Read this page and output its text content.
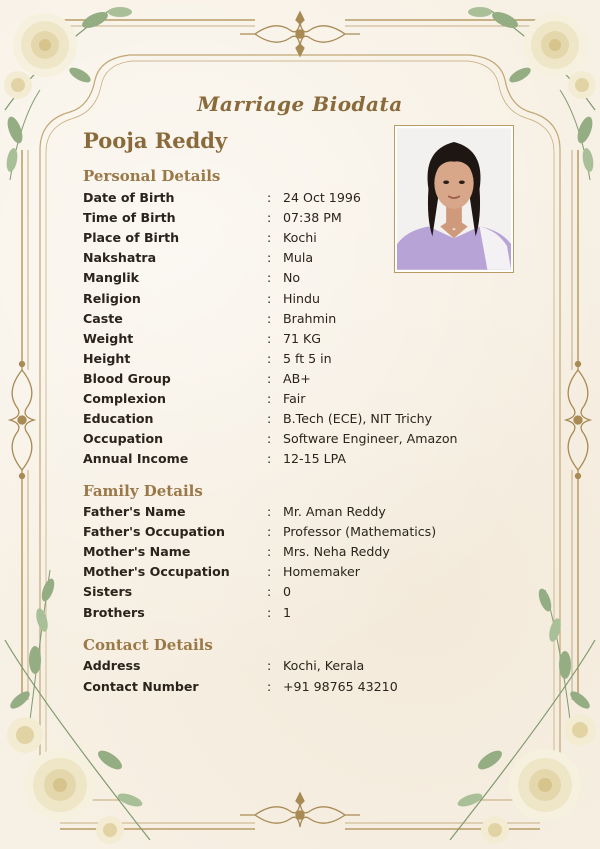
Marriage Biodata
Pooja Reddy
Personal Details
Date of Birth	: 24 Oct 1996
Time of Birth	: 07:38 PM
Place of Birth	: Kochi
Nakshatra	: Mula
Manglik	: No
Religion	: Hindu
Caste	: Brahmin
Weight	: 71 KG
Height	: 5 ft 5 in
Blood Group	: AB+
Complexion	: Fair
Education	: B.Tech (ECE), NIT Trichy
Occupation	: Software Engineer, Amazon
Annual Income	: 12-15 LPA
Family Details
Father's Name	: Mr. Aman Reddy
Father's Occupation	: Professor (Mathematics)
Mother's Name	: Mrs. Neha Reddy
Mother's Occupation	: Homemaker
Sisters	: 0
Brothers	: 1
Contact Details
Address	: Kochi, Kerala
Contact Number	: +91 98765 43210
